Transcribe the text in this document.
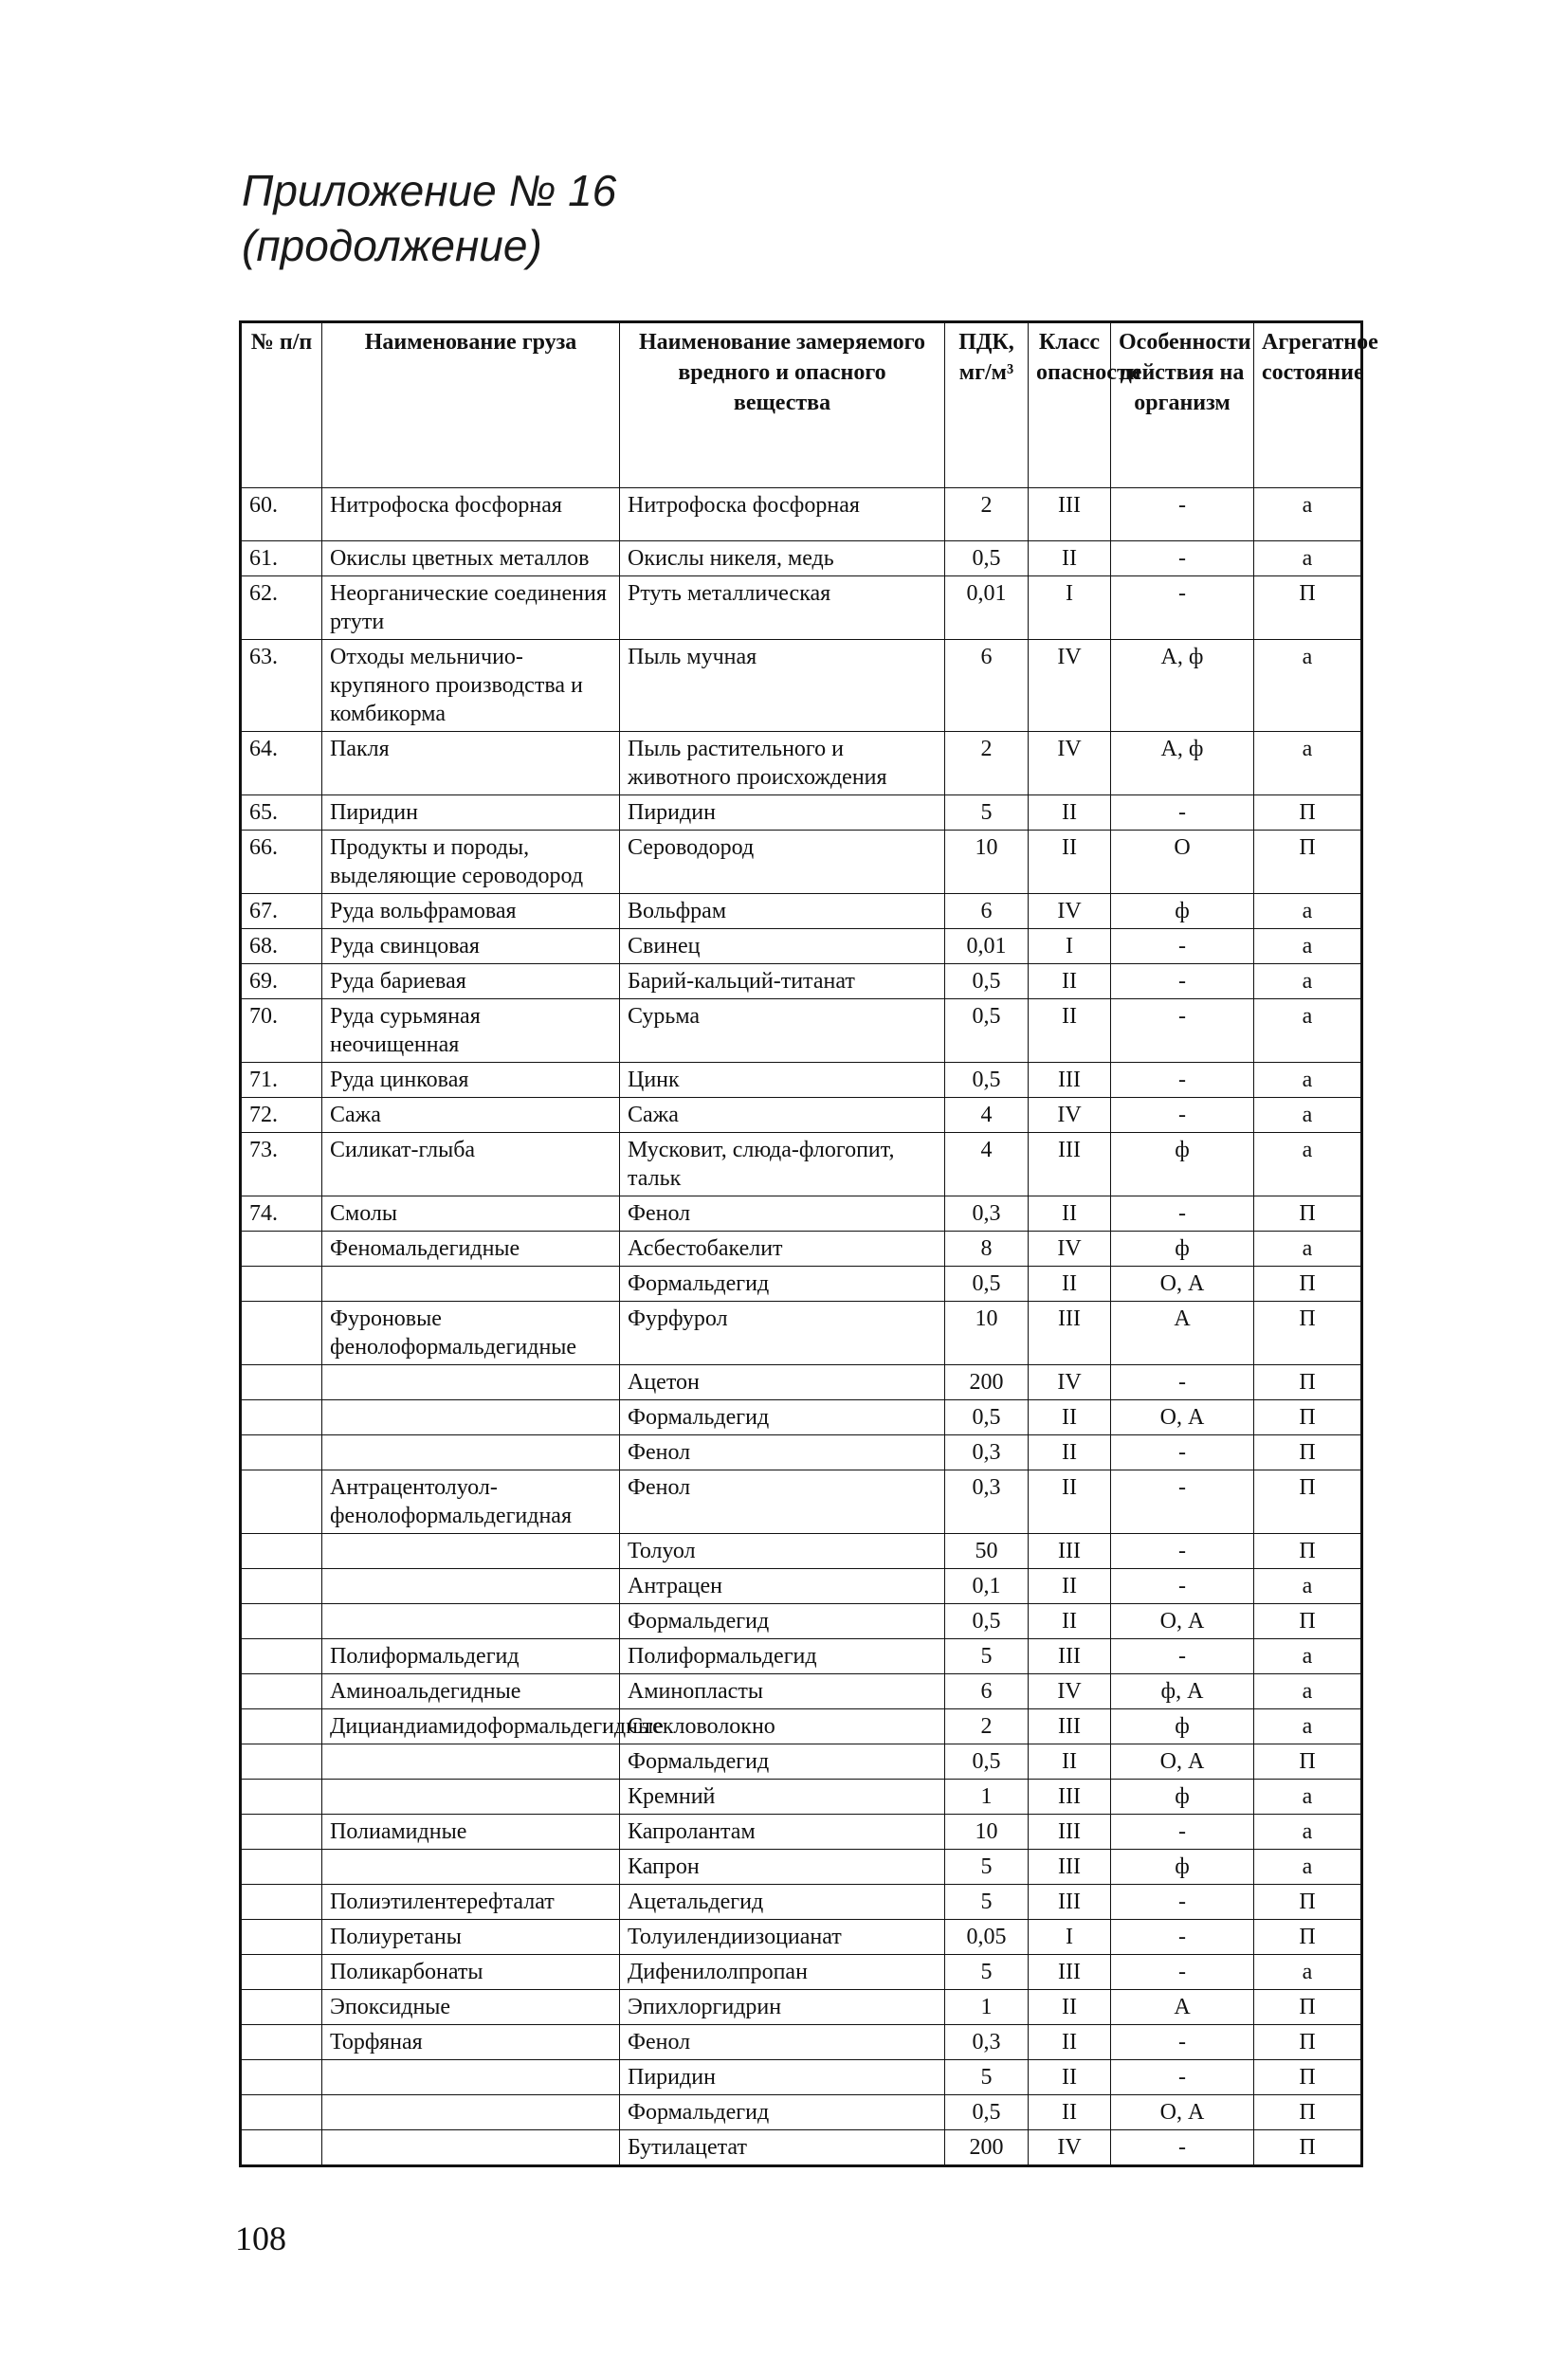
Приложение № 16
(продолжение)
№ п/п	Наименование груза	Наименование замеряемого вредного и опасного вещества	ПДК, мг/м³	Класс опасности	Особенности действия на организм	Агрегатное состояние
60.	Нитрофоска фосфорная	Нитрофоска фосфорная	2	III	-	а
61.	Окислы цветных металлов	Окислы никеля, медь	0,5	II	-	а
62.	Неорганические соединения ртути	Ртуть металлическая	0,01	I	-	П
63.	Отходы мельничио-крупяного производства и комбикорма	Пыль мучная	6	IV	А, ф	а
64.	Пакля	Пыль растительного и животного происхождения	2	IV	А, ф	а
65.	Пиридин	Пиридин	5	II	-	П
66.	Продукты и породы, выделяющие сероводород	Сероводород	10	II	О	П
67.	Руда вольфрамовая	Вольфрам	6	IV	ф	а
68.	Руда свинцовая	Свинец	0,01	I	-	а
69.	Руда бариевая	Барий-кальций-титанат	0,5	II	-	а
70.	Руда сурьмяная неочищенная	Сурьма	0,5	II	-	а
71.	Руда цинковая	Цинк	0,5	III	-	а
72.	Сажа	Сажа	4	IV	-	а
73.	Силикат-глыба	Мусковит, слюда-флогопит, тальк	4	III	ф	а
74.	Смолы	Фенол	0,3	II	-	П
	Феномальдегидные	Асбестобакелит	8	IV	ф	а
		Формальдегид	0,5	II	О, А	П
	Фуроновые фенолоформальдегидные	Фурфурол	10	III	А	П
		Ацетон	200	IV	-	П
		Формальдегид	0,5	II	О, А	П
		Фенол	0,3	II	-	П
	Антрацентолуол-фенолоформальдегидная	Фенол	0,3	II	-	П
		Толуол	50	III	-	П
		Антрацен	0,1	II	-	а
		Формальдегид	0,5	II	О, А	П
	Полиформальдегид	Полиформальдегид	5	III	-	а
	Аминоальдегидные	Аминопласты	6	IV	ф, А	а
	Дициандиамидоформальдегидные	Стекловолокно	2	III	ф	а
		Формальдегид	0,5	II	О, А	П
		Кремний	1	III	ф	а
	Полиамидные	Капролантам	10	III	-	а
		Капрон	5	III	ф	а
	Полиэтилентерефталат	Ацетальдегид	5	III	-	П
	Полиуретаны	Толуилендиизоцианат	0,05	I	-	П
	Поликарбонаты	Дифенилолпропан	5	III	-	а
	Эпоксидные	Эпихлоргидрин	1	II	А	П
	Торфяная	Фенол	0,3	II	-	П
		Пиридин	5	II	-	П
		Формальдегид	0,5	II	О, А	П
		Бутилацетат	200	IV	-	П
108
